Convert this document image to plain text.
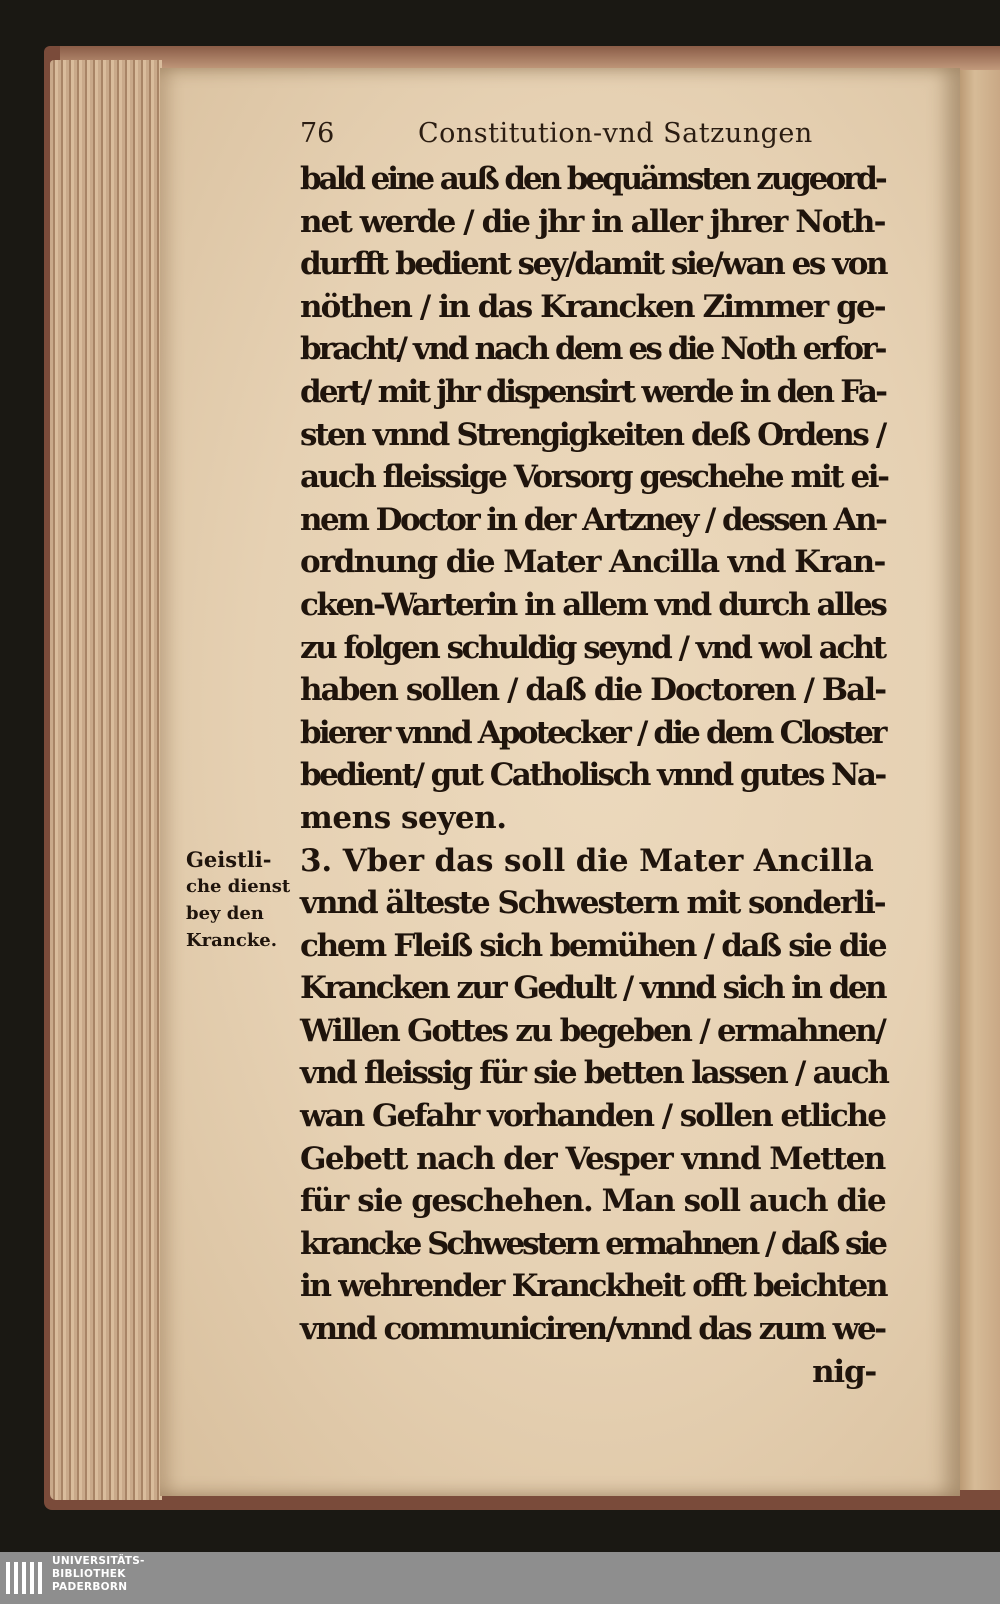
76	Constitution-vnd Satzungen
Geistli-
che dienst
bey den
Krancke.
bald eine auß den bequämsten zugeord-
net werde / die jhr in aller jhrer Noth-
durfft bedient sey/damit sie/wan es von
nöthen / in das Krancken Zimmer ge-
bracht/ vnd nach dem es die Noth erfor-
dert/ mit jhr dispensirt werde in den Fa-
sten vnnd Strengigkeiten deß Ordens /
auch fleissige Vorsorg geschehe mit ei-
nem Doctor in der Artzney / dessen An-
ordnung die Mater Ancilla vnd Kran-
cken-Warterin in allem vnd durch alles
zu folgen schuldig seynd / vnd wol acht
haben sollen / daß die Doctoren / Bal-
bierer vnnd Apotecker / die dem Closter
bedient/ gut Catholisch vnnd gutes Na-
mens seyen.
3. Vber das soll die Mater Ancilla
vnnd älteste Schwestern mit sonderli-
chem Fleiß sich bemühen / daß sie die
Krancken zur Gedult / vnnd sich in den
Willen Gottes zu begeben / ermahnen/
vnd fleissig für sie betten lassen / auch
wan Gefahr vorhanden / sollen etliche
Gebett nach der Vesper vnnd Metten
für sie geschehen. Man soll auch die
krancke Schwestern ermahnen / daß sie
in wehrender Kranckheit offt beichten
vnnd communiciren/vnnd das zum we-
nig-
UNIVERSITÄTS-
BIBLIOTHEK
PADERBORN
